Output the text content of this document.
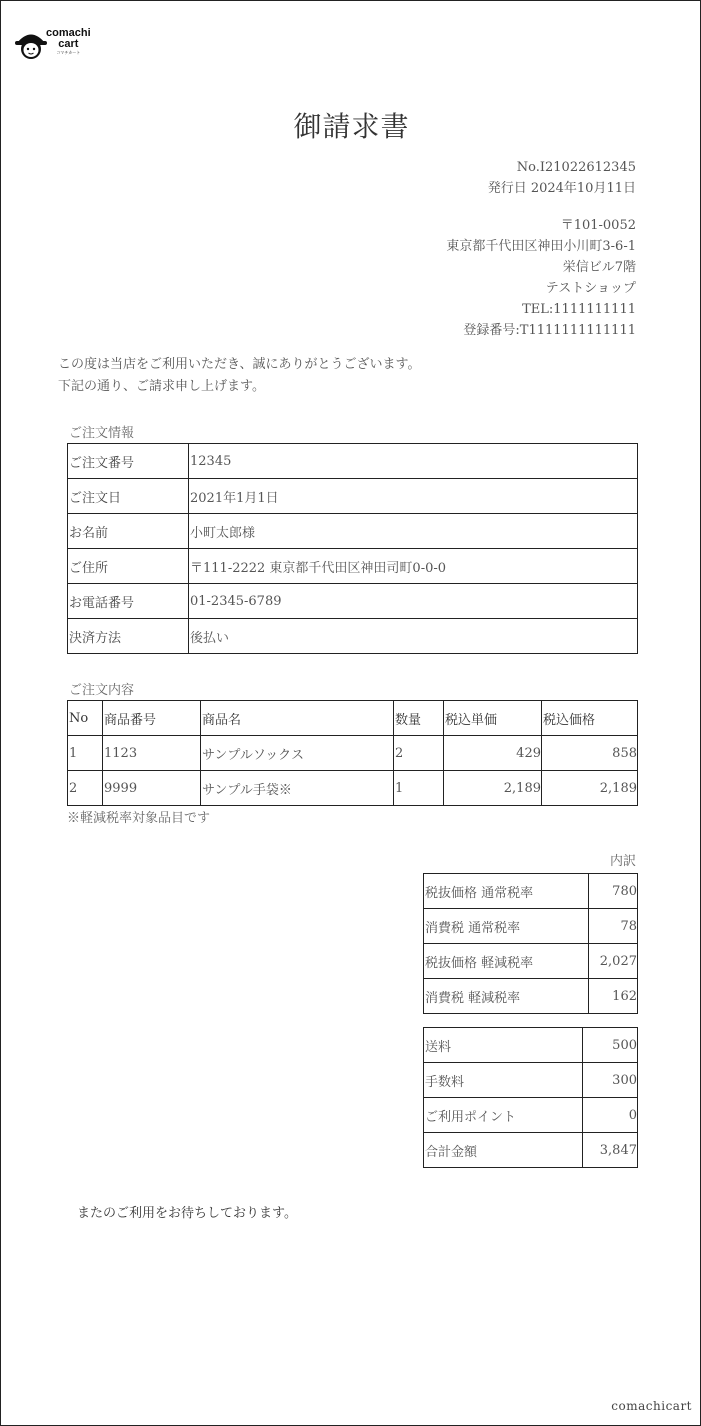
comachi
cart
コマチカート
御請求書
No.I21022612345
発行日 2024年10月11日
〒101-0052
東京都千代田区神田小川町3-6-1
栄信ビル7階
テストショップ
TEL:1111111111
登録番号:T1111111111111
この度は当店をご利用いただき、誠にありがとうございます。
下記の通り、ご請求申し上げます。
ご注文情報
ご注文番号	12345
ご注文日	2021年1月1日
お名前	小町太郎様
ご住所	〒111-2222 東京都千代田区神田司町0-0-0
お電話番号	01-2345-6789
決済方法	後払い
ご注文内容
No	商品番号	商品名	数量	税込単価	税込価格
1	1123	サンプルソックス	2	429	858
2	9999	サンプル手袋※	1	2,189	2,189
※軽減税率対象品目です
内訳
税抜価格 通常税率	780
消費税 通常税率	78
税抜価格 軽減税率	2,027
消費税 軽減税率	162
送料	500
手数料	300
ご利用ポイント	0
合計金額	3,847
またのご利用をお待ちしております。
comachicart
